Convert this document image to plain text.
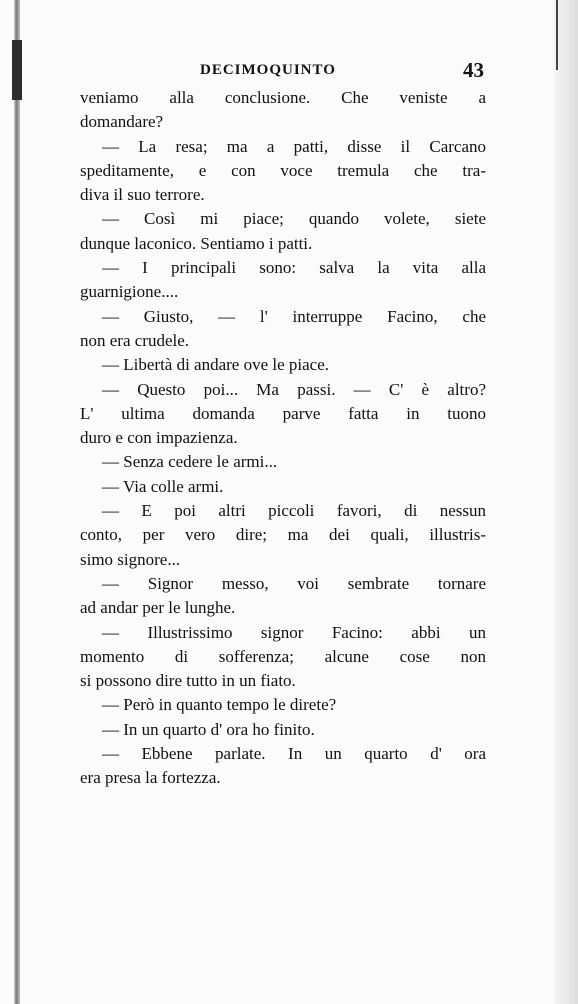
DECIMOQUINTO	43
veniamo alla conclusione. Che veniste a
domandare?
— La resa; ma a patti, disse il Carcano
speditamente, e con voce tremula che tra-
diva il suo terrore.
— Così mi piace; quando volete, siete
dunque laconico. Sentiamo i patti.
— I principali sono: salva la vita alla
guarnigione....
— Giusto, — l' interruppe Facino, che
non era crudele.
— Libertà di andare ove le piace.
— Questo poi... Ma passi. — C' è altro?
L' ultima domanda parve fatta in tuono
duro e con impazienza.
— Senza cedere le armi...
— Via colle armi.
— E poi altri piccoli favori, di nessun
conto, per vero dire; ma dei quali, illustris-
simo signore...
— Signor messo, voi sembrate tornare
ad andar per le lunghe.
— Illustrissimo signor Facino: abbi un
momento di sofferenza; alcune cose non
si possono dire tutto in un fiato.
— Però in quanto tempo le direte?
— In un quarto d' ora ho finito.
— Ebbene parlate. In un quarto d' ora
era presa la fortezza.
